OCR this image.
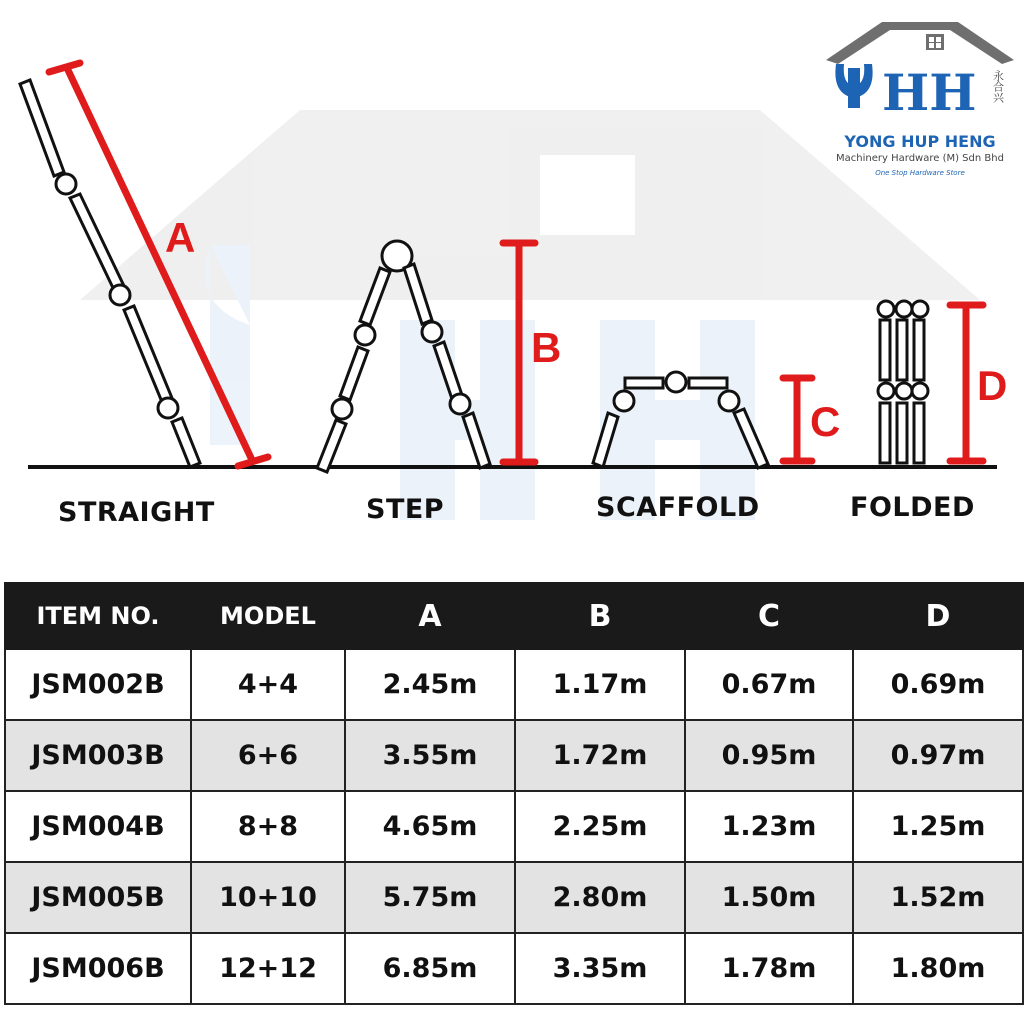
A
B
C
D
STRAIGHT	STEP	SCAFFOLD	FOLDED
HH 永合兴
YONG HUP HENG
Machinery Hardware (M) Sdn Bhd
One Stop Hardware Store
ITEM NO.	MODEL	A	B	C	D
JSM002B	4+4	2.45m	1.17m	0.67m	0.69m
JSM003B	6+6	3.55m	1.72m	0.95m	0.97m
JSM004B	8+8	4.65m	2.25m	1.23m	1.25m
JSM005B	10+10	5.75m	2.80m	1.50m	1.52m
JSM006B	12+12	6.85m	3.35m	1.78m	1.80m
